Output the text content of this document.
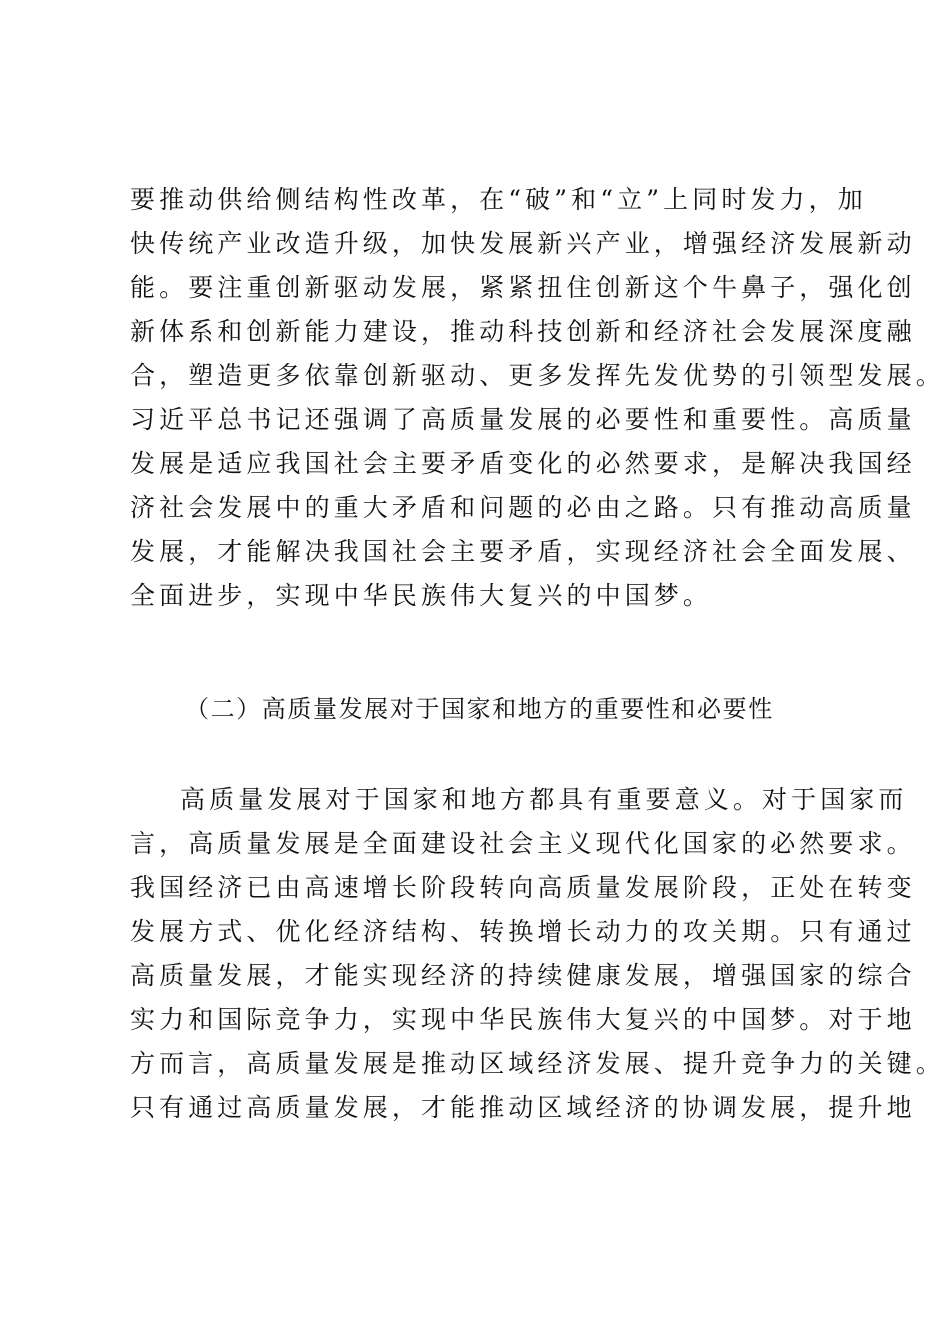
要推动供给侧结构性改革，在“破”和“立”上同时发力，加
快传统产业改造升级，加快发展新兴产业，增强经济发展新动
能。要注重创新驱动发展，紧紧扭住创新这个牛鼻子，强化创
新体系和创新能力建设，推动科技创新和经济社会发展深度融
合，塑造更多依靠创新驱动、更多发挥先发优势的引领型发展。
习近平总书记还强调了高质量发展的必要性和重要性。高质量
发展是适应我国社会主要矛盾变化的必然要求，是解决我国经
济社会发展中的重大矛盾和问题的必由之路。只有推动高质量
发展，才能解决我国社会主要矛盾，实现经济社会全面发展、
全面进步，实现中华民族伟大复兴的中国梦。
（二）高质量发展对于国家和地方的重要性和必要性
高质量发展对于国家和地方都具有重要意义。对于国家而
言，高质量发展是全面建设社会主义现代化国家的必然要求。
我国经济已由高速增长阶段转向高质量发展阶段，正处在转变
发展方式、优化经济结构、转换增长动力的攻关期。只有通过
高质量发展，才能实现经济的持续健康发展，增强国家的综合
实力和国际竞争力，实现中华民族伟大复兴的中国梦。对于地
方而言，高质量发展是推动区域经济发展、提升竞争力的关键。
只有通过高质量发展，才能推动区域经济的协调发展，提升地
